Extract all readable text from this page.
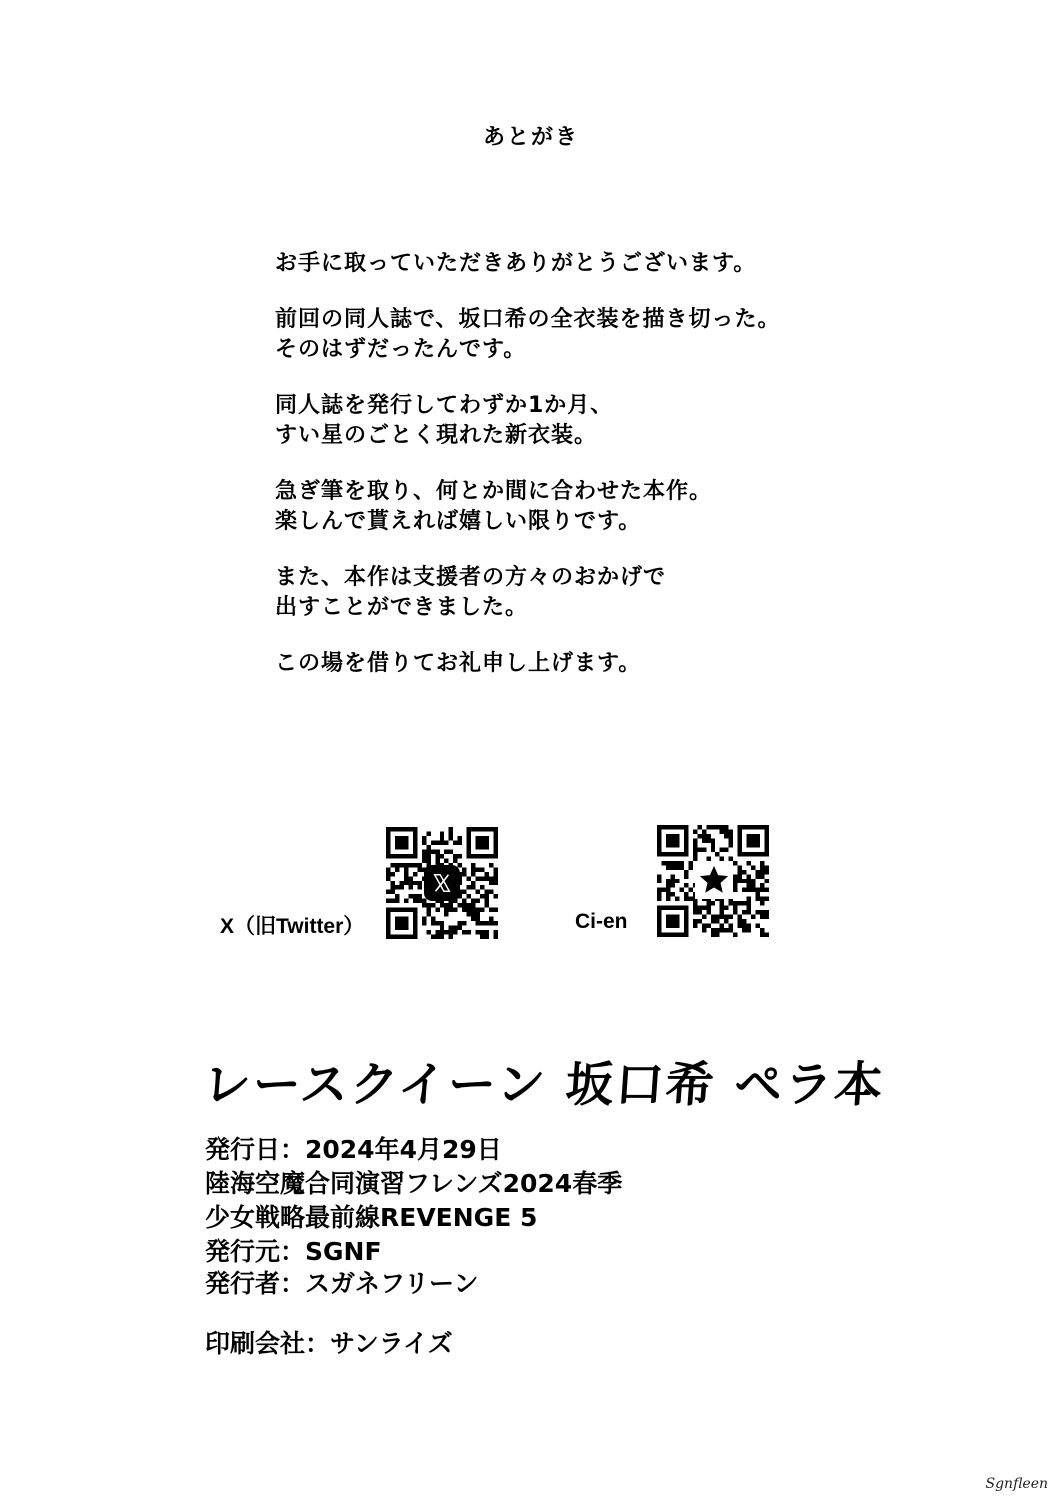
あとがき
お手に取っていただきありがとうございます。
前回の同人誌で、坂口希の全衣装を描き切った。
そのはずだったんです。
同人誌を発行してわずか1か月、
すい星のごとく現れた新衣装。
急ぎ筆を取り、何とか間に合わせた本作。
楽しんで貰えれば嬉しい限りです。
また、本作は支援者の方々のおかげで
出すことができました。
この場を借りてお礼申し上げます。
X（旧Twitter）	Ci-en
レースクイーン 坂口希 ペラ本
発行日：2024年4月29日
陸海空魔合同演習フレンズ2024春季
少女戦略最前線REVENGE 5
発行元：SGNF
発行者：スガネフリーン
印刷会社：サンライズ
Sgnfleen
